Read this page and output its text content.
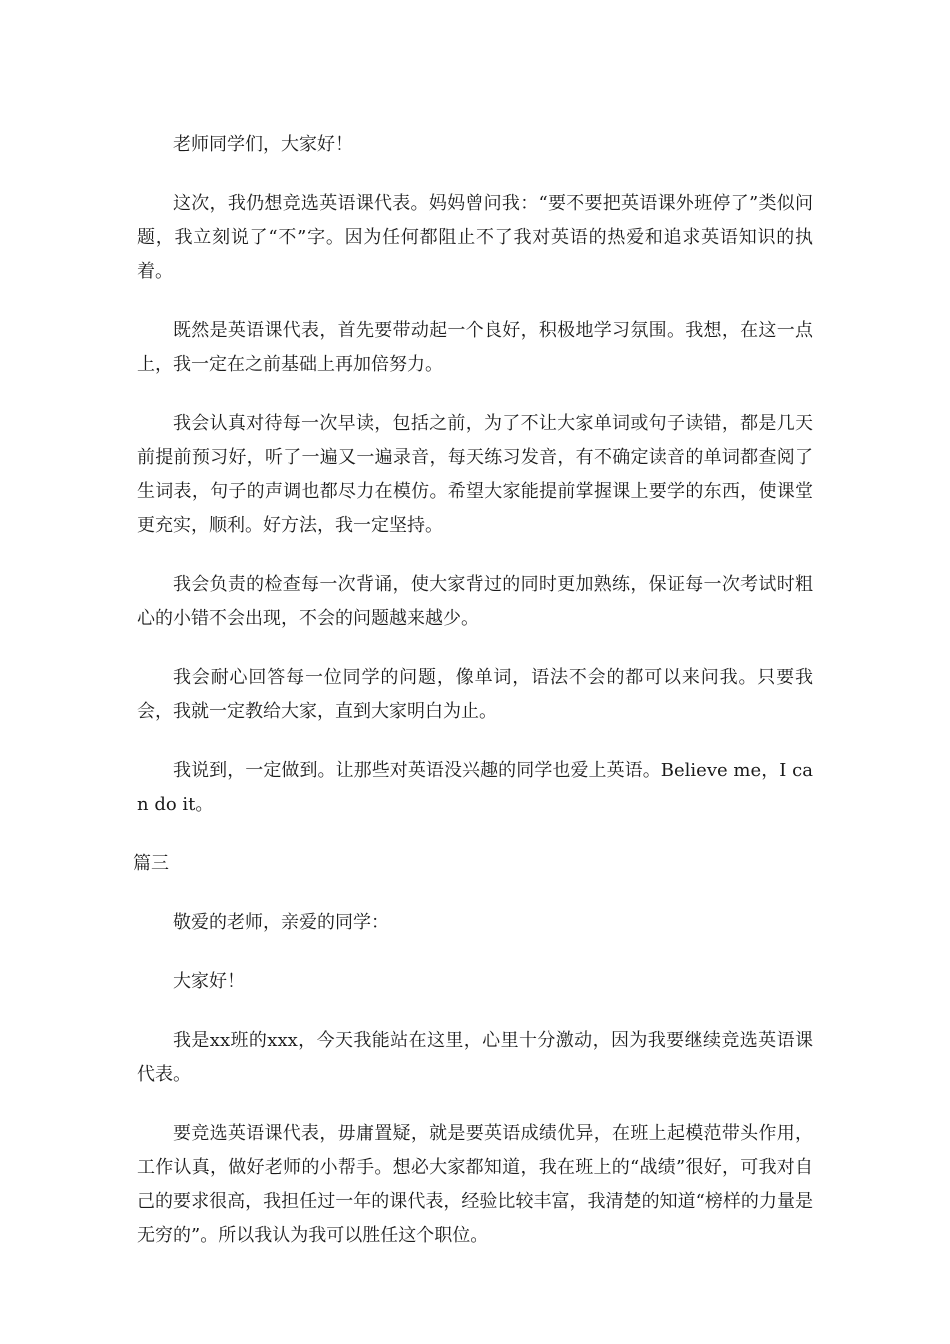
老师同学们，大家好！

这次，我仍想竞选英语课代表。妈妈曾问我：“要不要把英语课外班停了”类似问题，我立刻说了“不”字。因为任何都阻止不了我对英语的热爱和追求英语知识的执着。

既然是英语课代表，首先要带动起一个良好，积极地学习氛围。我想，在这一点上，我一定在之前基础上再加倍努力。

我会认真对待每一次早读，包括之前，为了不让大家单词或句子读错，都是几天前提前预习好，听了一遍又一遍录音，每天练习发音，有不确定读音的单词都查阅了生词表，句子的声调也都尽力在模仿。希望大家能提前掌握课上要学的东西，使课堂更充实，顺利。好方法，我一定坚持。

我会负责的检查每一次背诵，使大家背过的同时更加熟练，保证每一次考试时粗心的小错不会出现，不会的问题越来越少。

我会耐心回答每一位同学的问题，像单词，语法不会的都可以来问我。只要我会，我就一定教给大家，直到大家明白为止。

我说到，一定做到。让那些对英语没兴趣的同学也爱上英语。Believe me，I can do it。

篇三

敬爱的老师，亲爱的同学：

大家好！

我是xx班的xxx，今天我能站在这里，心里十分激动，因为我要继续竞选英语课代表。

要竞选英语课代表，毋庸置疑，就是要英语成绩优异，在班上起模范带头作用，工作认真，做好老师的小帮手。想必大家都知道，我在班上的“战绩”很好，可我对自己的要求很高，我担任过一年的课代表，经验比较丰富，我清楚的知道“榜样的力量是无穷的”。所以我认为我可以胜任这个职位。
